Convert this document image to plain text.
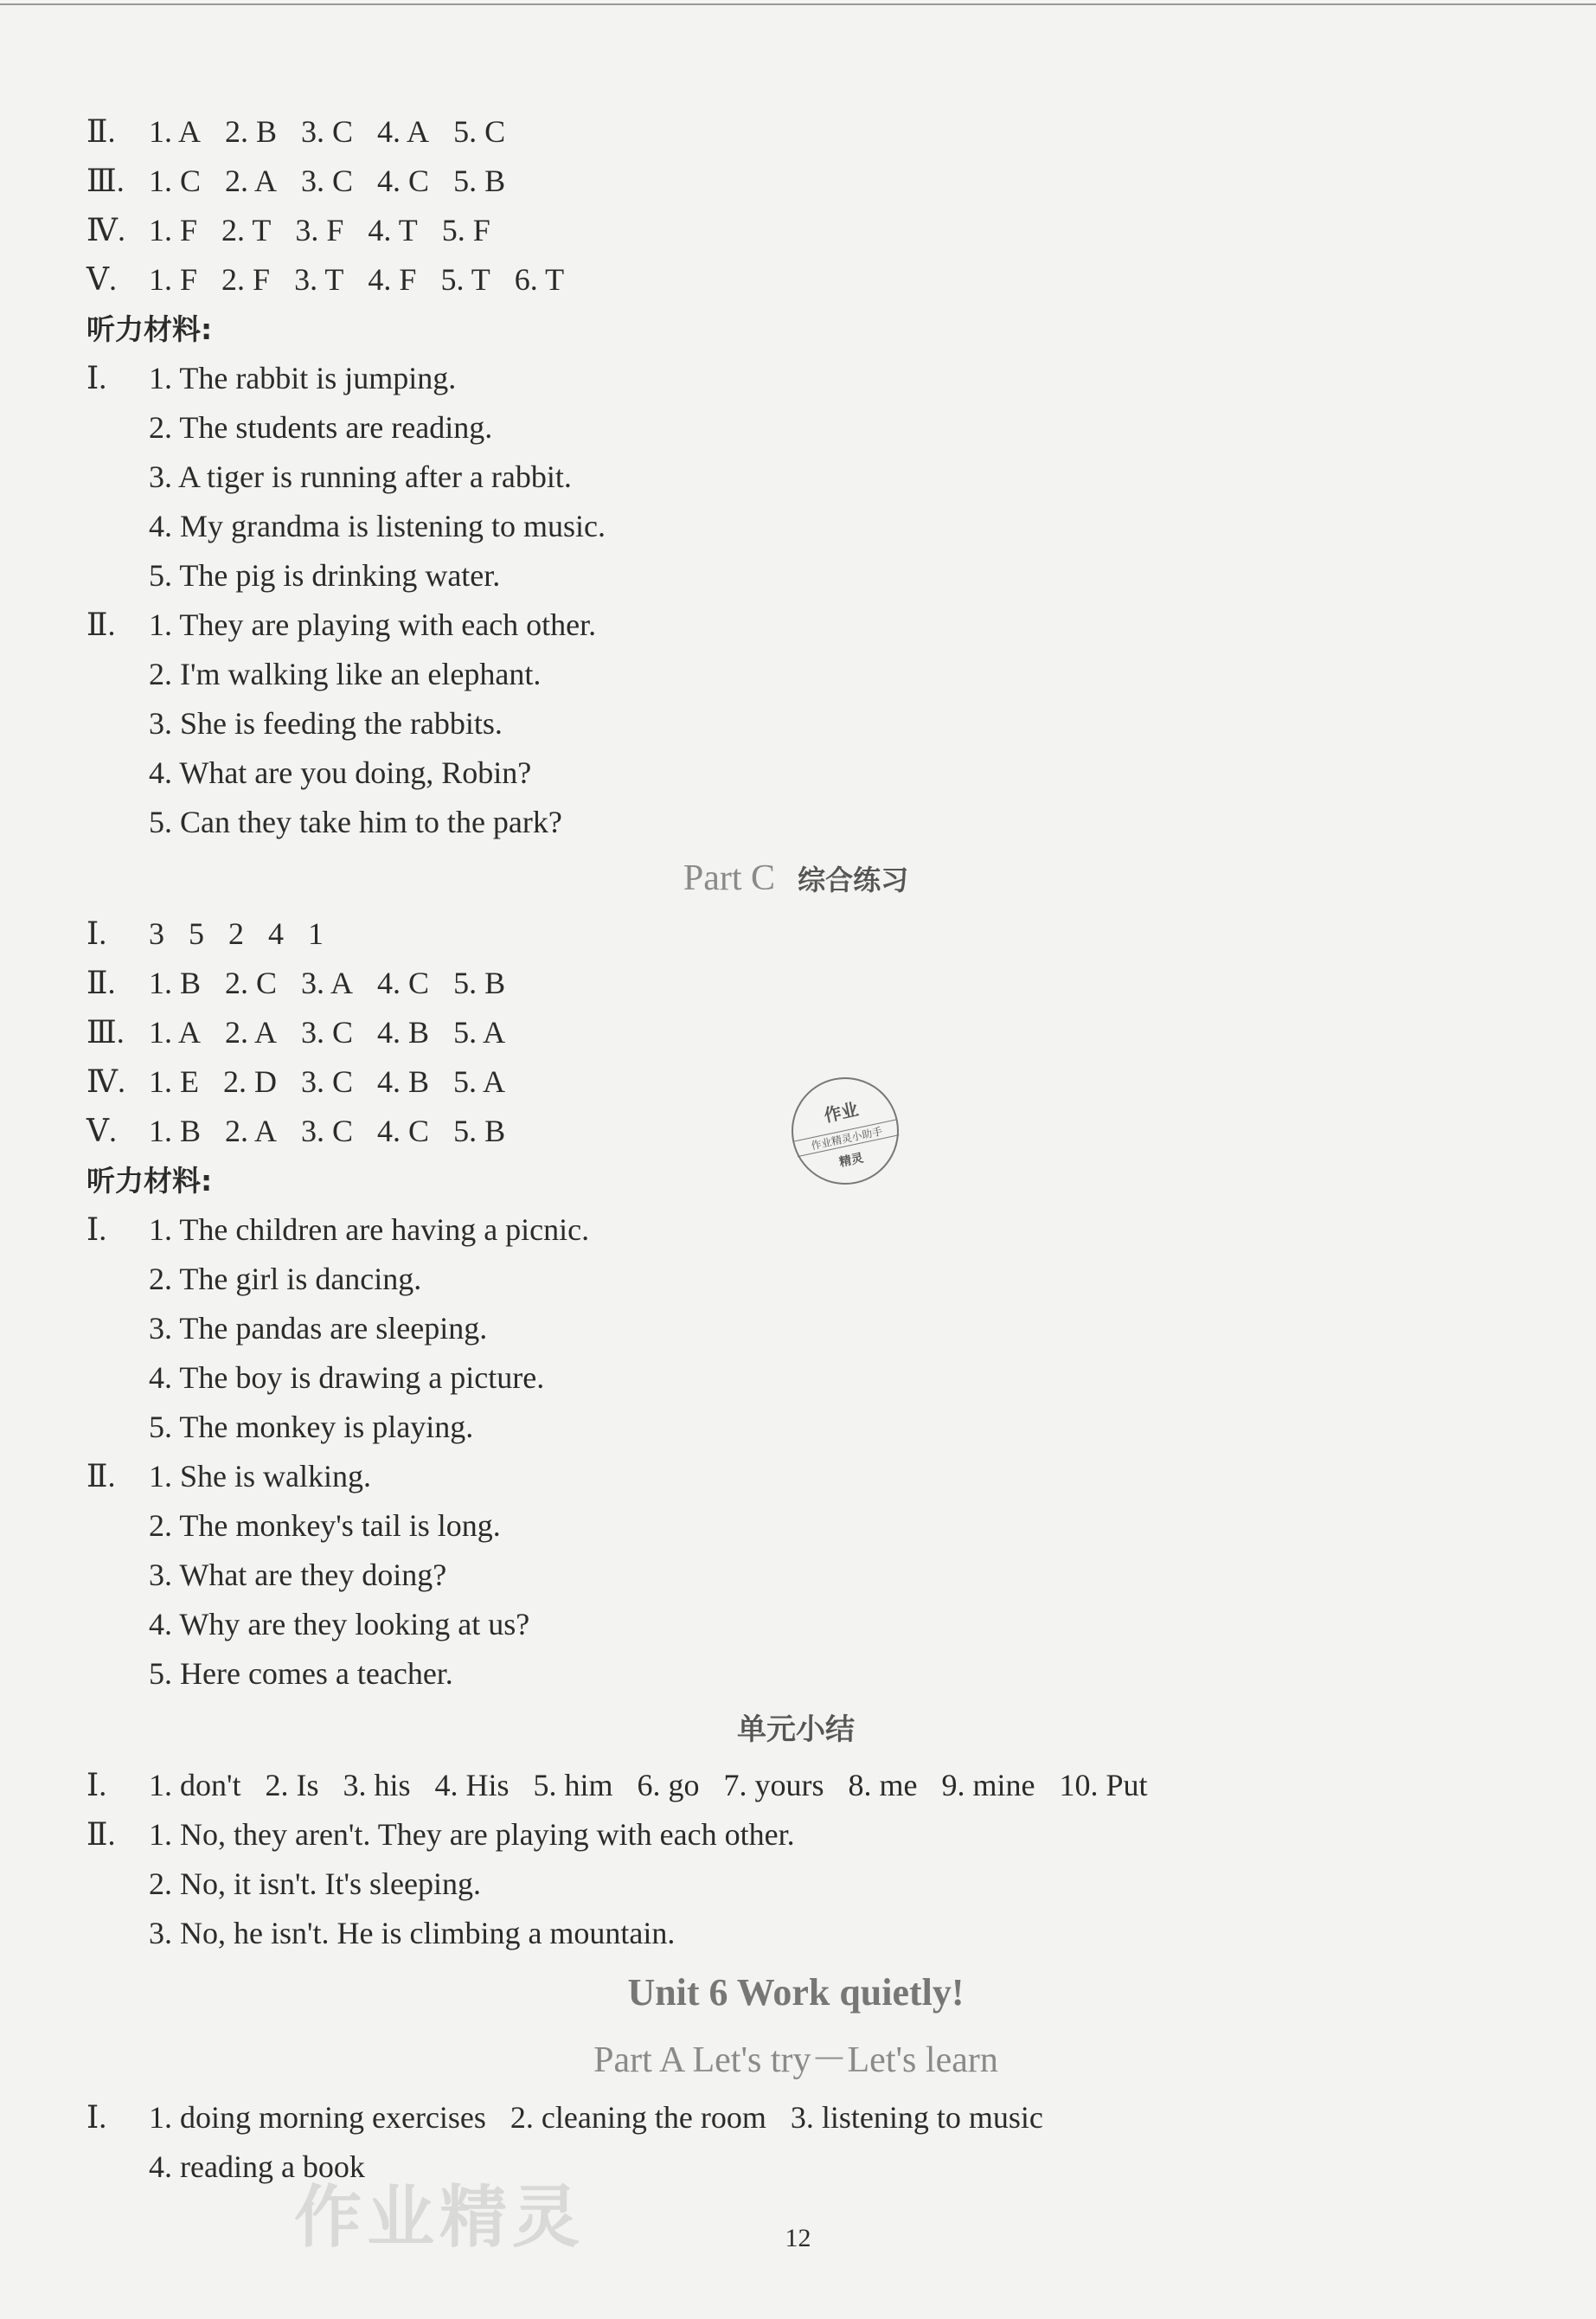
Ⅱ. 1. A 2. B 3. C 4. A 5. C
Ⅲ. 1. C 2. A 3. C 4. C 5. B
Ⅳ. 1. F 2. T 3. F 4. T 5. F
Ⅴ. 1. F 2. F 3. T 4. F 5. T 6. T
听力材料:
Ⅰ. 1. The rabbit is jumping.
2. The students are reading.
3. A tiger is running after a rabbit.
4. My grandma is listening to music.
5. The pig is drinking water.
Ⅱ. 1. They are playing with each other.
2. I'm walking like an elephant.
3. She is feeding the rabbits.
4. What are you doing, Robin?
5. Can they take him to the park?
Part C 综合练习
Ⅰ. 3 5 2 4 1
Ⅱ. 1. B 2. C 3. A 4. C 5. B
Ⅲ. 1. A 2. A 3. C 4. B 5. A
Ⅳ. 1. E 2. D 3. C 4. B 5. A
Ⅴ. 1. B 2. A 3. C 4. C 5. B
听力材料:
Ⅰ. 1. The children are having a picnic.
2. The girl is dancing.
3. The pandas are sleeping.
4. The boy is drawing a picture.
5. The monkey is playing.
Ⅱ. 1. She is walking.
2. The monkey's tail is long.
3. What are they doing?
4. Why are they looking at us?
5. Here comes a teacher.
单元小结
Ⅰ. 1. don't 2. Is 3. his 4. His 5. him 6. go 7. yours 8. me 9. mine 10. Put
Ⅱ. 1. No, they aren't. They are playing with each other.
2. No, it isn't. It's sleeping.
3. No, he isn't. He is climbing a mountain.
Unit 6 Work quietly!
Part A Let's try－Let's learn
Ⅰ. 1. doing morning exercises 2. cleaning the room 3. listening to music
4. reading a book
作业
作业精灵小助手
精灵
作业精灵	12
